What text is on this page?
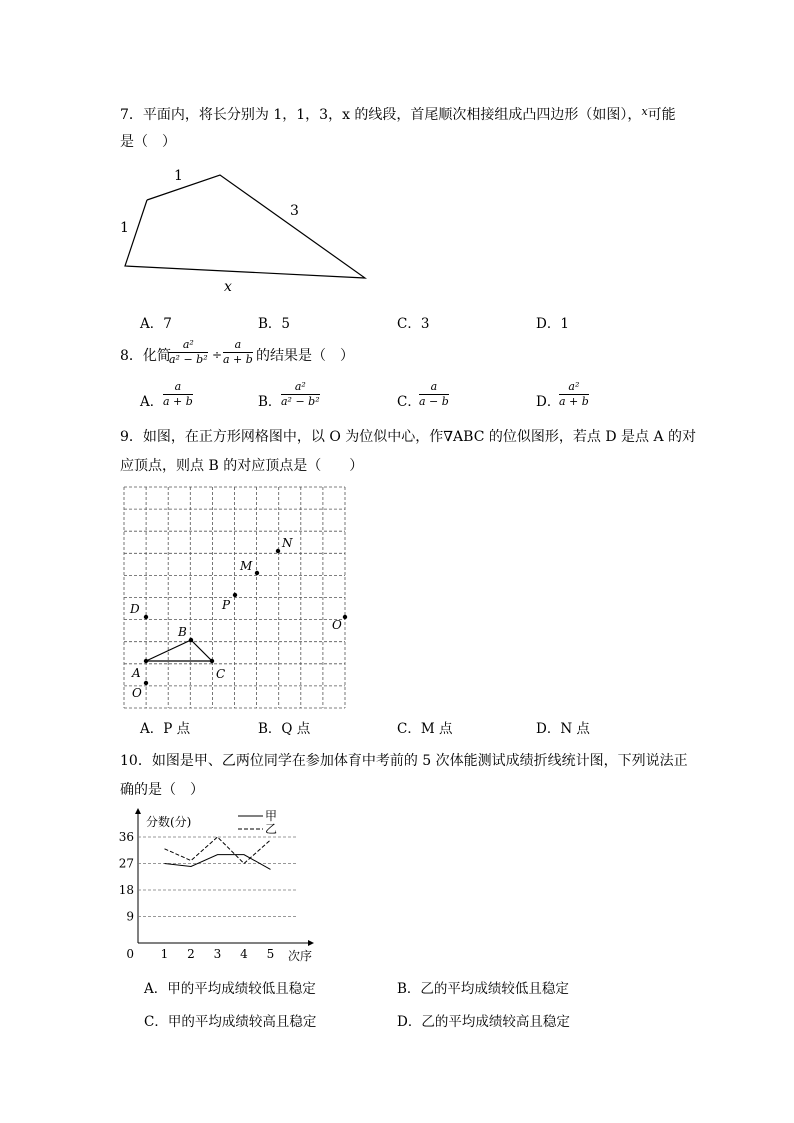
7．平面内，将长分别为 1，1，3，x 的线段，首尾顺次相接组成凸四边形（如图），$^x$可能
是（　）
1
1
3
x
A．7	B．5	C．3	D．1
8．化简
$\frac{\text{a²}}{\text{a² − b²}} \div \frac{a}{a + b}$ 的结果是（　）
A． $\frac{a}{a + b}$	B． $\frac{\text{a²}}{\text{a² − b²}}$	C．
$\frac{a}{a - b}$	D．
$\frac{\text{a²}}{a + b}$
9．如图，在正方形网格图中，以 O 为位似中心，作∇ABC 的位似图形，若点 D 是点 A 的对
应顶点，则点 B 的对应顶点是（　　）
N
M
P
D
O
B
A	C
O
A．P 点	B．Q 点	C．M 点	D．N 点
10．如图是甲、乙两位同学在参加体育中考前的 5 次体能测试成绩折线统计图，下列说法正
确的是（　）
9
18
27
36
0 1 2 3 4 5
分数(分)
次序
甲
乙
A．甲的平均成绩较低且稳定	B．乙的平均成绩较低且稳定
C．甲的平均成绩较高且稳定	D．乙的平均成绩较高且稳定
